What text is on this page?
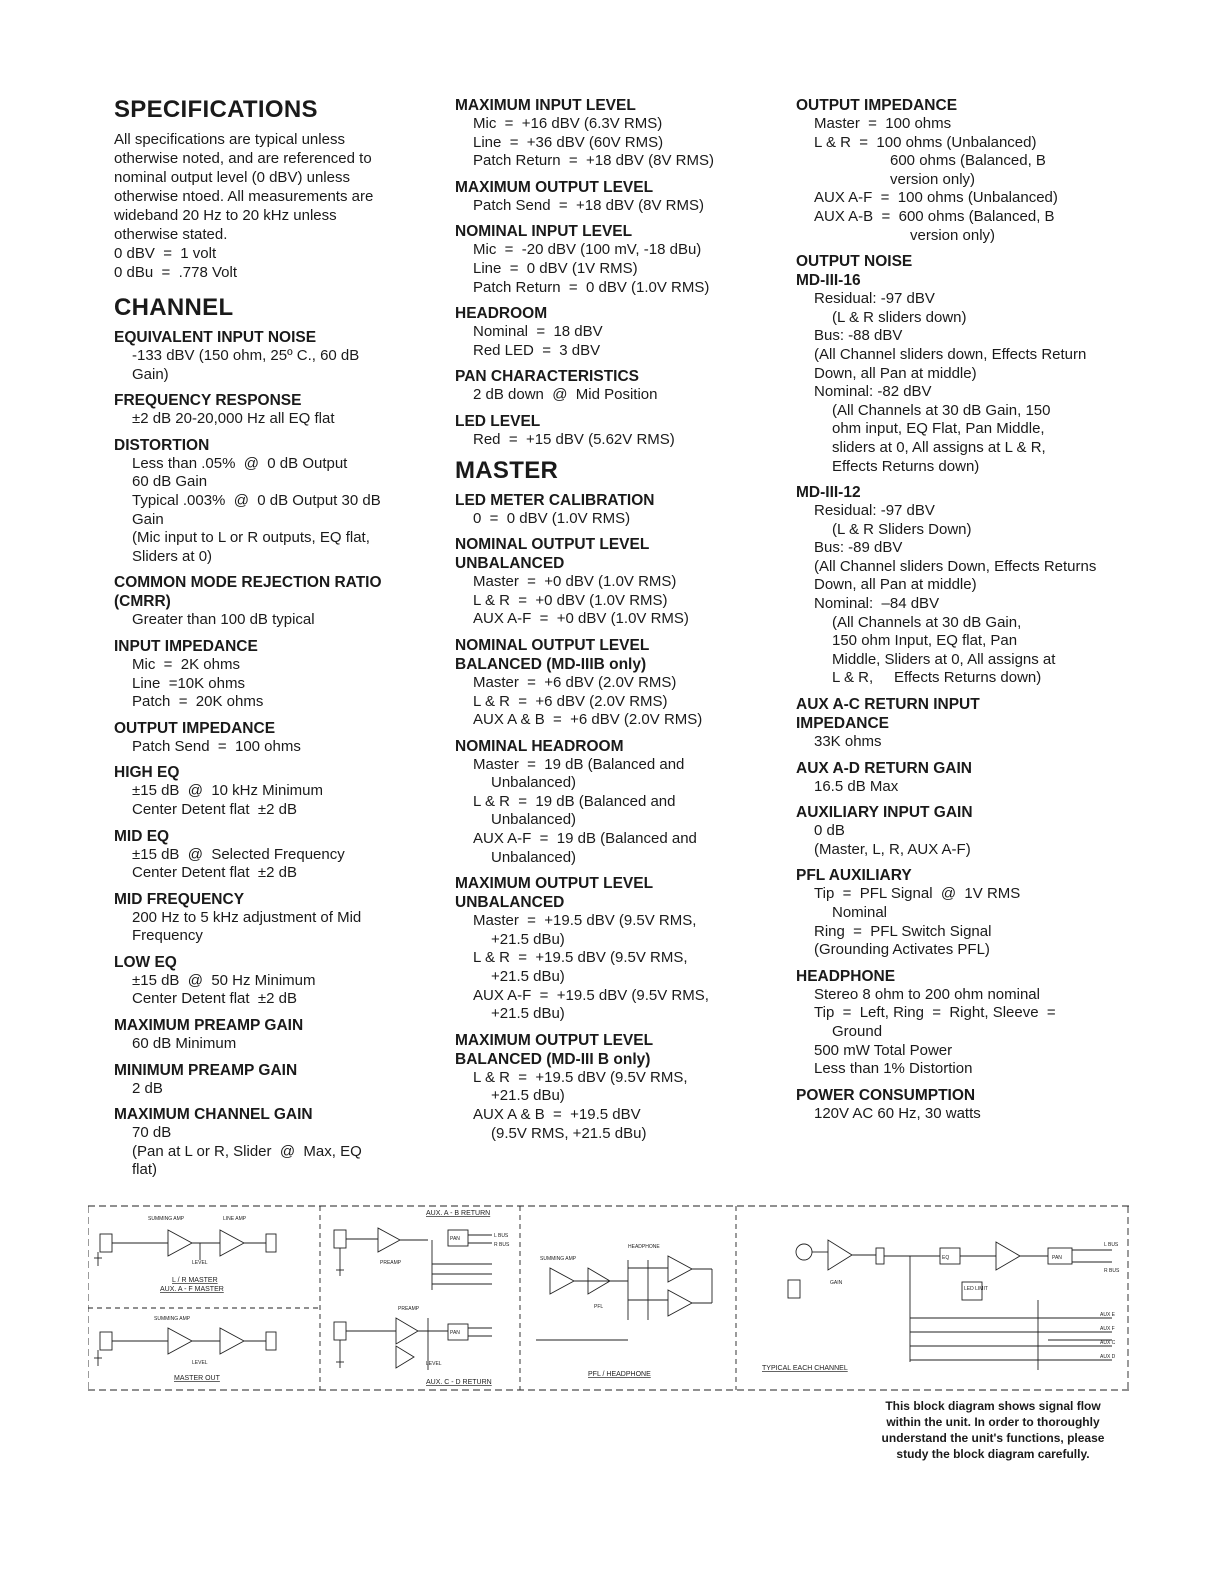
SPECIFICATIONS
All specifications are typical unless
otherwise noted, and are referenced to
nominal output level (0 dBV) unless
otherwise ntoed. All measurements are
wideband 20 Hz to 20 kHz unless
otherwise stated.
0 dBV  =  1 volt
0 dBu  =  .778 Volt
CHANNEL
EQUIVALENT INPUT NOISE
-133 dBV (150 ohm, 25º C., 60 dB
Gain)
FREQUENCY RESPONSE
±2 dB 20-20,000 Hz all EQ flat
DISTORTION
Less than .05%  @  0 dB Output
60 dB Gain
Typical .003%  @  0 dB Output 30 dB
Gain
(Mic input to L or R outputs, EQ flat,
Sliders at 0)
COMMON MODE REJECTION RATIO
(CMRR)
Greater than 100 dB typical
INPUT IMPEDANCE
Mic  =  2K ohms
Line  =10K ohms
Patch  =  20K ohms
OUTPUT IMPEDANCE
Patch Send  =  100 ohms
HIGH EQ
±15 dB  @  10 kHz Minimum
Center Detent flat  ±2 dB
MID EQ
±15 dB  @  Selected Frequency
Center Detent flat  ±2 dB
MID FREQUENCY
200 Hz to 5 kHz adjustment of Mid
Frequency
LOW EQ
±15 dB  @  50 Hz Minimum
Center Detent flat  ±2 dB
MAXIMUM PREAMP GAIN
60 dB Minimum
MINIMUM PREAMP GAIN
2 dB
MAXIMUM CHANNEL GAIN
70 dB
(Pan at L or R, Slider  @  Max, EQ
flat)
MAXIMUM INPUT LEVEL
Mic  =  +16 dBV (6.3V RMS)
Line  =  +36 dBV (60V RMS)
Patch Return  =  +18 dBV (8V RMS)
MAXIMUM OUTPUT LEVEL
Patch Send  =  +18 dBV (8V RMS)
NOMINAL INPUT LEVEL
Mic  =  -20 dBV (100 mV, -18 dBu)
Line  =  0 dBV (1V RMS)
Patch Return  =  0 dBV (1.0V RMS)
HEADROOM
Nominal  =  18 dBV
Red LED  =  3 dBV
PAN CHARACTERISTICS
2 dB down  @  Mid Position
LED LEVEL
Red  =  +15 dBV (5.62V RMS)
MASTER
LED METER CALIBRATION
0  =  0 dBV (1.0V RMS)
NOMINAL OUTPUT LEVEL
UNBALANCED
Master  =  +0 dBV (1.0V RMS)
L & R  =  +0 dBV (1.0V RMS)
AUX A-F  =  +0 dBV (1.0V RMS)
NOMINAL OUTPUT LEVEL
BALANCED (MD-IIIB only)
Master  =  +6 dBV (2.0V RMS)
L & R  =  +6 dBV (2.0V RMS)
AUX A & B  =  +6 dBV (2.0V RMS)
NOMINAL HEADROOM
Master  =  19 dB (Balanced and
Unbalanced)
L & R  =  19 dB (Balanced and
Unbalanced)
AUX A-F  =  19 dB (Balanced and
Unbalanced)
MAXIMUM OUTPUT LEVEL
UNBALANCED
Master  =  +19.5 dBV (9.5V RMS,
+21.5 dBu)
L & R  =  +19.5 dBV (9.5V RMS,
+21.5 dBu)
AUX A-F  =  +19.5 dBV (9.5V RMS,
+21.5 dBu)
MAXIMUM OUTPUT LEVEL
BALANCED (MD-III B only)
L & R  =  +19.5 dBV (9.5V RMS,
+21.5 dBu)
AUX A & B  =  +19.5 dBV
(9.5V RMS, +21.5 dBu)
OUTPUT IMPEDANCE
Master  =  100 ohms
L & R  =  100 ohms (Unbalanced)
600 ohms (Balanced, B
version only)
AUX A-F  =  100 ohms (Unbalanced)
AUX A-B  =  600 ohms (Balanced, B
version only)
OUTPUT NOISE
MD-III-16
Residual: -97 dBV
(L & R sliders down)
Bus: -88 dBV
(All Channel sliders down, Effects Return Down, all Pan at middle)
Nominal: -82 dBV
(All Channels at 30 dB Gain, 150
ohm input, EQ Flat, Pan Middle,
sliders at 0, All assigns at L & R,
Effects Returns down)
MD-III-12
Residual: -97 dBV
(L & R Sliders Down)
Bus: -89 dBV
(All Channel sliders Down, Effects Returns Down, all Pan at middle)
Nominal:  –84 dBV
(All Channels at 30 dB Gain,
150 ohm Input, EQ flat, Pan
Middle, Sliders at 0, All assigns at
L & R,     Effects Returns down)
AUX A-C RETURN INPUT
IMPEDANCE
33K ohms
AUX A-D RETURN GAIN
16.5 dB Max
AUXILIARY INPUT GAIN
0 dB
(Master, L, R, AUX A-F)
PFL AUXILIARY
Tip  =  PFL Signal  @  1V RMS
Nominal
Ring  =  PFL Switch Signal
(Grounding Activates PFL)
HEADPHONE
Stereo 8 ohm to 200 ohm nominal
Tip  =  Left, Ring  =  Right, Sleeve  =
Ground
500 mW Total Power
Less than 1% Distortion
POWER CONSUMPTION
120V AC 60 Hz, 30 watts
SUMMING AMP	LINE AMP
LEVEL
L / R MASTER
AUX. A - F MASTER
SUMMING AMP
LEVEL
MASTER OUT
AUX. A - B RETURN
PAN	L BUS
R BUS
PREAMP
PREAMP
LEVEL
PAN
AUX. C - D RETURN
HEADPHONE
SUMMING AMP
PFL
PFL / HEADPHONE
EQ	PAN
LED LIMIT
GAIN
L BUS
R BUS
AUX E
AUX F
AUX C
AUX D
TYPICAL EACH CHANNEL
This block diagram shows signal flow
within the unit. In order to thoroughly
understand the unit's functions, please
study the block diagram carefully.
